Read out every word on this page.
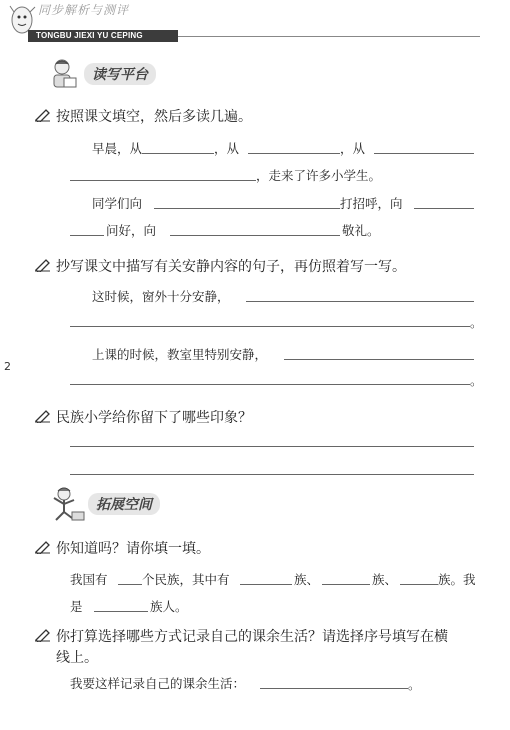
同步解析与测评
TONGBU JIEXI YU CEPING
2
读写平台
按照课文填空，然后多读几遍。
早晨，从	，从	，从
，走来了许多小学生。
同学们向	打招呼，向
问好，向	敬礼。
抄写课文中描写有关安静内容的句子，再仿照着写一写。
这时候，窗外十分安静，
。
上课的时候，教室里特别安静，
。
民族小学给你留下了哪些印象？
拓展空间
你知道吗？请你填一填。
我国有	个民族，其中有	族、	族、	族。我
是	族人。
你打算选择哪些方式记录自己的课余生活？请选择序号填写在横
线上。
我要这样记录自己的课余生活：	。
